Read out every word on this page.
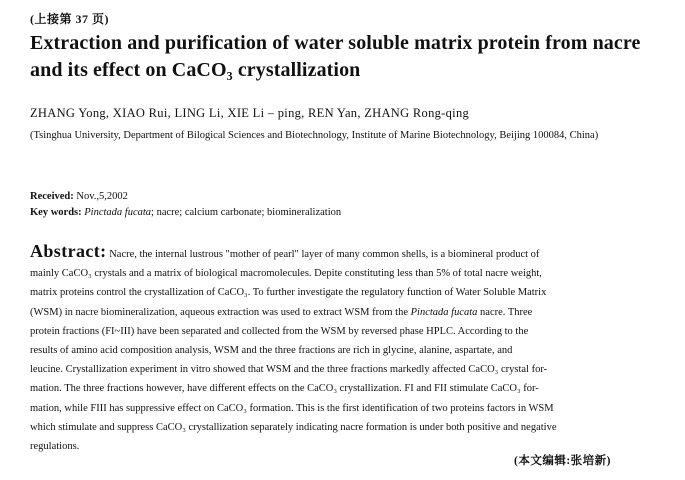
(上接第 37 页)
Extraction and purification of water soluble matrix protein from nacre and its effect on CaCO₃ crystallization
ZHANG Yong, XIAO Rui, LING Li, XIE Li – ping, REN Yan, ZHANG Rong-qing
(Tsinghua University, Department of Bilogical Sciences and Biotechnology, Institute of Marine Biotechnology, Beijing 100084, China)
Received: Nov.,5,2002
Key words: Pinctada fucata; nacre; calcium carbonate; biomineralization
Abstract: Nacre, the internal lustrous "mother of pearl" layer of many common shells, is a biomineral product of
mainly CaCO₃ crystals and a matrix of biological macromolecules. Depite constituting less than 5% of total nacre weight,
matrix proteins control the crystallization of CaCO₃. To further investigate the regulatory function of Water Soluble Matrix
(WSM) in nacre biomineralization, aqueous extraction was used to extract WSM from the Pinctada fucata nacre. Three
protein fractions (FI~III) have been separated and collected from the WSM by reversed phase HPLC. According to the
results of amino acid composition analysis, WSM and the three fractions are rich in glycine, alanine, aspartate, and
leucine. Crystallization experiment in vitro showed that WSM and the three fractions markedly affected CaCO₃ crystal for-
mation. The three fractions however, have different effects on the CaCO₃ crystallization. FI and FII stimulate CaCO₃ for-
mation, while FIII has suppressive effect on CaCO₃ formation. This is the first identification of two proteins factors in WSM
which stimulate and suppress CaCO₃ crystallization separately indicating nacre formation is under both positive and negative
regulations.
(本文编辑:张培新)
